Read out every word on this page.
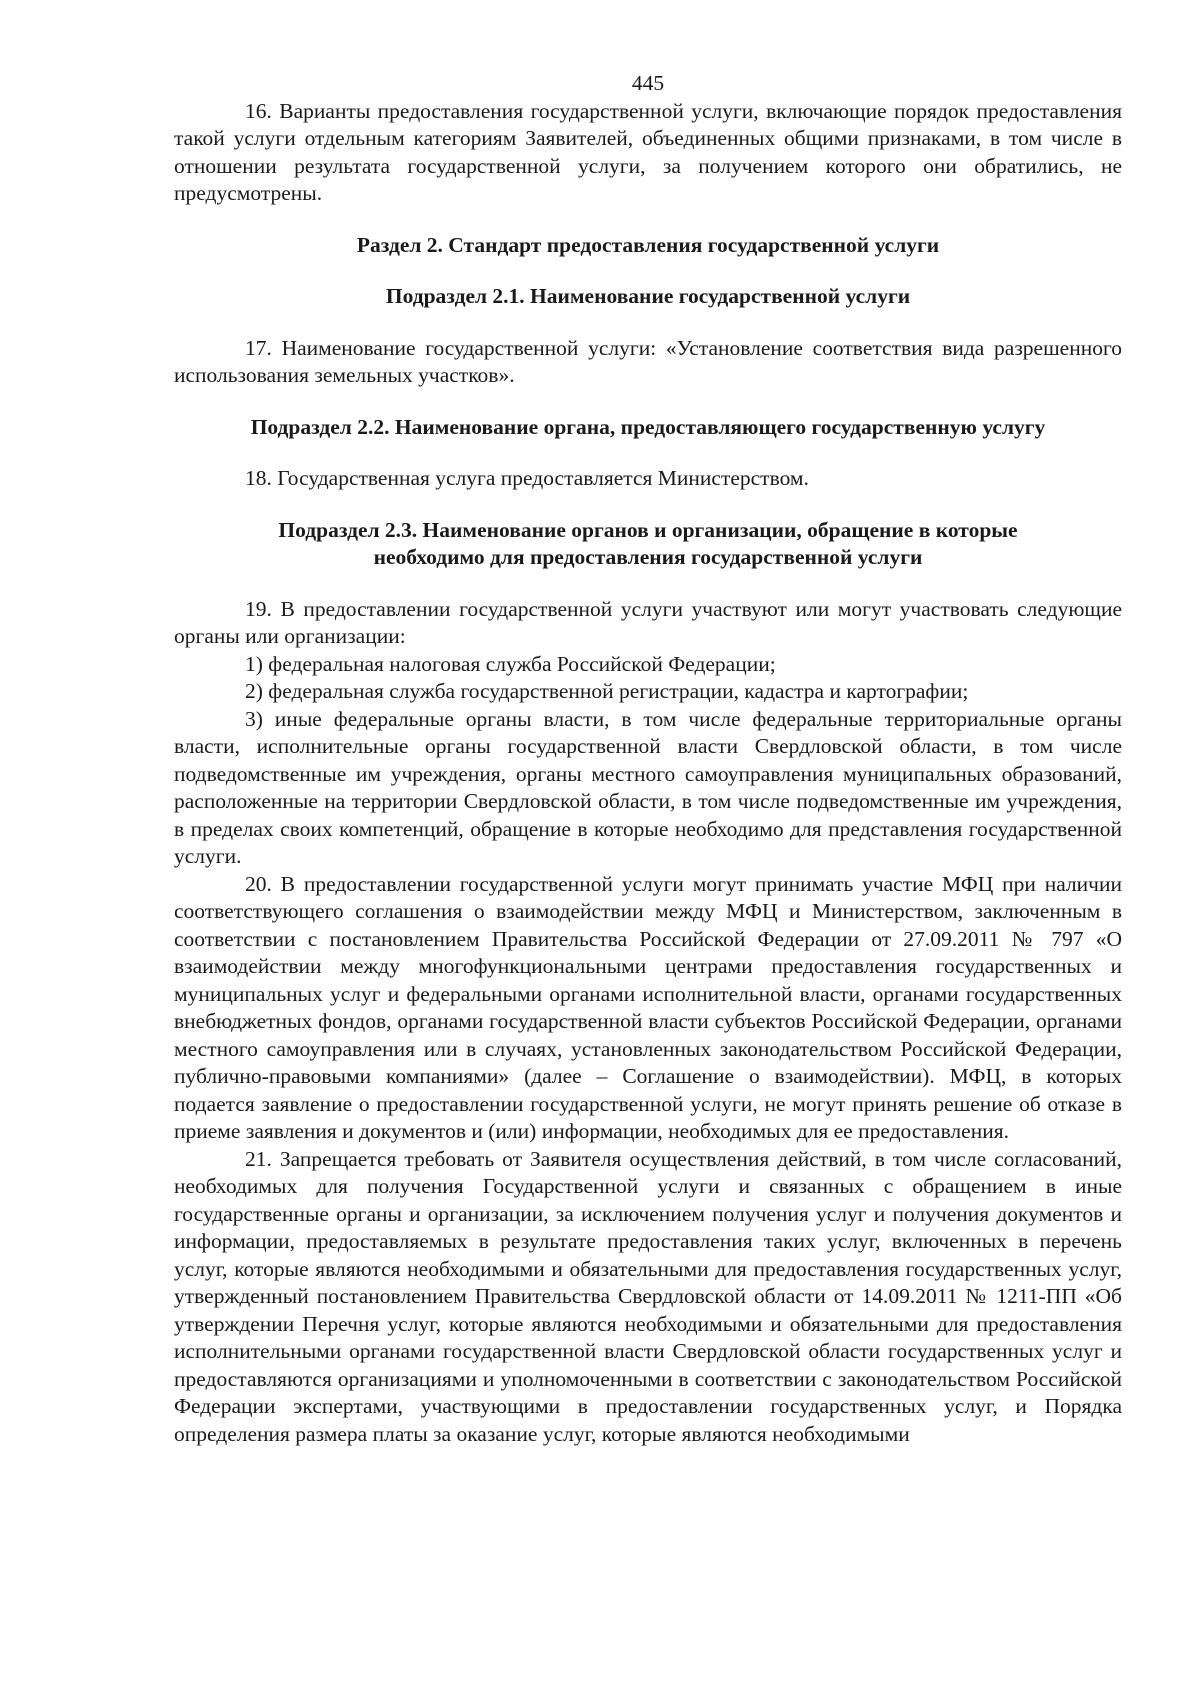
445

16. Варианты предоставления государственной услуги, включающие порядок предоставления такой услуги отдельным категориям Заявителей, объединенных общими признаками, в том числе в отношении результата государственной услуги, за получением которого они обратились, не предусмотрены.

Раздел 2. Стандарт предоставления государственной услуги

Подраздел 2.1. Наименование государственной услуги

17. Наименование государственной услуги: «Установление соответствия вида разрешенного использования земельных участков».

Подраздел 2.2. Наименование органа, предоставляющего государственную услугу

18. Государственная услуга предоставляется Министерством.

Подраздел 2.3. Наименование органов и организации, обращение в которые

необходимо для предоставления государственной услуги

19. В предоставлении государственной услуги участвуют или могут участвовать следующие органы или организации:

1) федеральная налоговая служба Российской Федерации;

2) федеральная служба государственной регистрации, кадастра и картографии;

3) иные федеральные органы власти, в том числе федеральные территориальные органы власти, исполнительные органы государственной власти Свердловской области, в том числе подведомственные им учреждения, органы местного самоуправления муниципальных образований, расположенные на территории Свердловской области, в том числе подведомственные им учреждения, в пределах своих компетенций, обращение в которые необходимо для представления государственной услуги.

20. В предоставлении государственной услуги могут принимать участие МФЦ при наличии соответствующего соглашения о взаимодействии между МФЦ и Министерством, заключенным в соответствии с постановлением Правительства Российской Федерации от 27.09.2011 № 797 «О взаимодействии между многофункциональными центрами предоставления государственных и муниципальных услуг и федеральными органами исполнительной власти, органами государственных внебюджетных фондов, органами государственной власти субъектов Российской Федерации, органами местного самоуправления или в случаях, установленных законодательством Российской Федерации, публично-правовыми компаниями» (далее – Соглашение о взаимодействии). МФЦ, в которых подается заявление о предоставлении государственной услуги, не могут принять решение об отказе в приеме заявления и документов и (или) информации, необходимых для ее предоставления.

21. Запрещается требовать от Заявителя осуществления действий, в том числе согласований, необходимых для получения Государственной услуги и связанных с обращением в иные государственные органы и организации, за исключением получения услуг и получения документов и информации, предоставляемых в результате предоставления таких услуг, включенных в перечень услуг, которые являются необходимыми и обязательными для предоставления государственных услуг, утвержденный постановлением Правительства Свердловской области от 14.09.2011 № 1211-ПП «Об утверждении Перечня услуг, которые являются необходимыми и обязательными для предоставления исполнительными органами государственной власти Свердловской области государственных услуг и предоставляются организациями и уполномоченными в соответствии с законодательством Российской Федерации экспертами, участвующими в предоставлении государственных услуг, и Порядка определения размера платы за оказание услуг, которые являются необходимыми
